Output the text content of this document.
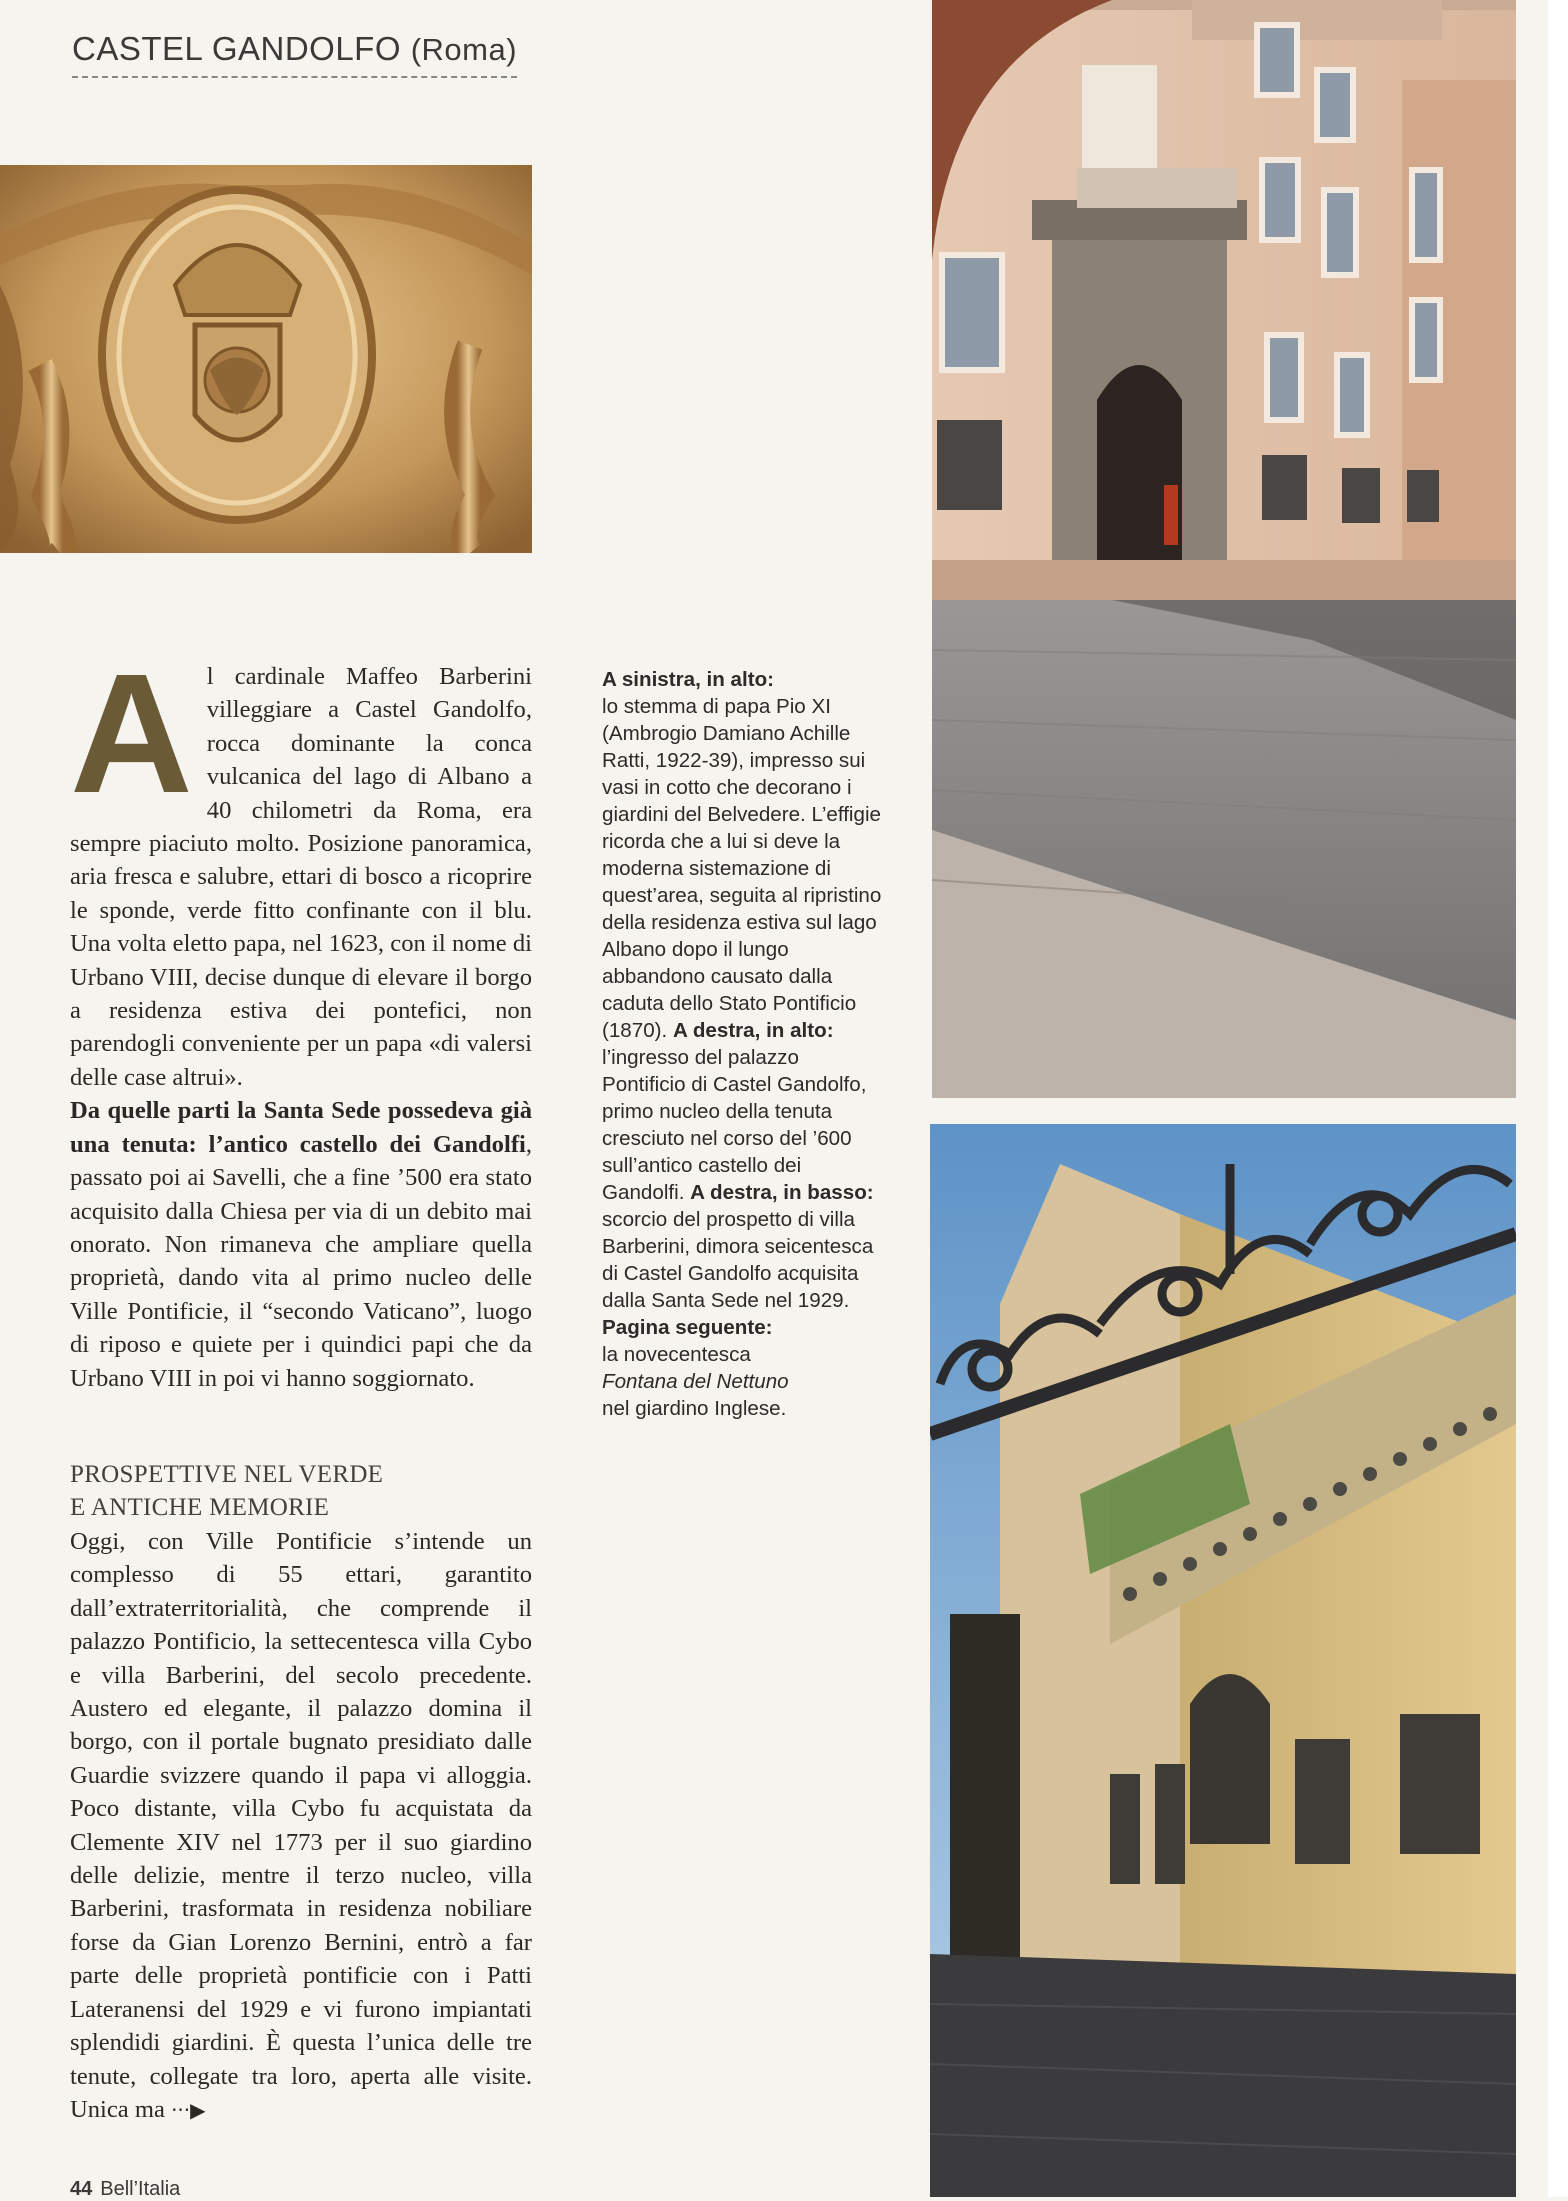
CASTEL GANDOLFO (Roma)
A l cardinale Maffeo Barberini villeggiare a Castel Gandolfo, rocca dominante la conca vulcanica del lago di Albano a 40 chilometri da Roma, era sempre piaciuto molto. Posizione panoramica, aria fresca e salubre, ettari di bosco a ricoprire le sponde, verde fitto confinante con il blu. Una volta eletto papa, nel 1623, con il nome di Urbano VIII, decise dunque di elevare il borgo a residenza estiva dei pontefici, non parendogli conveniente per un papa «di valersi delle case altrui».
Da quelle parti la Santa Sede possedeva già una tenuta: l’antico castello dei Gandolfi, passato poi ai Savelli, che a fine ’500 era stato acquisito dalla Chiesa per via di un debito mai onorato. Non rimaneva che ampliare quella proprietà, dando vita al primo nucleo delle Ville Pontificie, il “secondo Vaticano”, luogo di riposo e quiete per i quindici papi che da Urbano VIII in poi vi hanno soggiornato.
PROSPETTIVE NEL VERDE
E ANTICHE MEMORIE
Oggi, con Ville Pontificie s’intende un complesso di 55 ettari, garantito dall’extraterritorialità, che comprende il palazzo Pontificio, la settecentesca villa Cybo e villa Barberini, del secolo precedente. Austero ed elegante, il palazzo domina il borgo, con il portale bugnato presidiato dalle Guardie svizzere quando il papa vi alloggia. Poco distante, villa Cybo fu acquistata da Clemente XIV nel 1773 per il suo giardino delle delizie, mentre il terzo nucleo, villa Barberini, trasformata in residenza nobiliare forse da Gian Lorenzo Bernini, entrò a far parte delle proprietà pontificie con i Patti Lateranensi del 1929 e vi furono impiantati splendidi giardini. È questa l’unica delle tre tenute, collegate tra loro, aperta alle visite. Unica ma ···▶
A sinistra, in alto:
lo stemma di papa Pio XI (Ambrogio Damiano Achille Ratti, 1922-39), impresso sui vasi in cotto che decorano i giardini del Belvedere. L’effigie ricorda che a lui si deve la moderna sistemazione di quest’area, seguita al ripristino della residenza estiva sul lago Albano dopo il lungo abbandono causato dalla caduta dello Stato Pontificio (1870). A destra, in alto: l’ingresso del palazzo Pontificio di Castel Gandolfo, primo nucleo della tenuta cresciuto nel corso del ’600 sull’antico castello dei Gandolfi. A destra, in basso: scorcio del prospetto di villa Barberini, dimora seicentesca di Castel Gandolfo acquisita dalla Santa Sede nel 1929.
Pagina seguente:
la novecentesca
Fontana del Nettuno
nel giardino Inglese.
44 Bell’Italia
